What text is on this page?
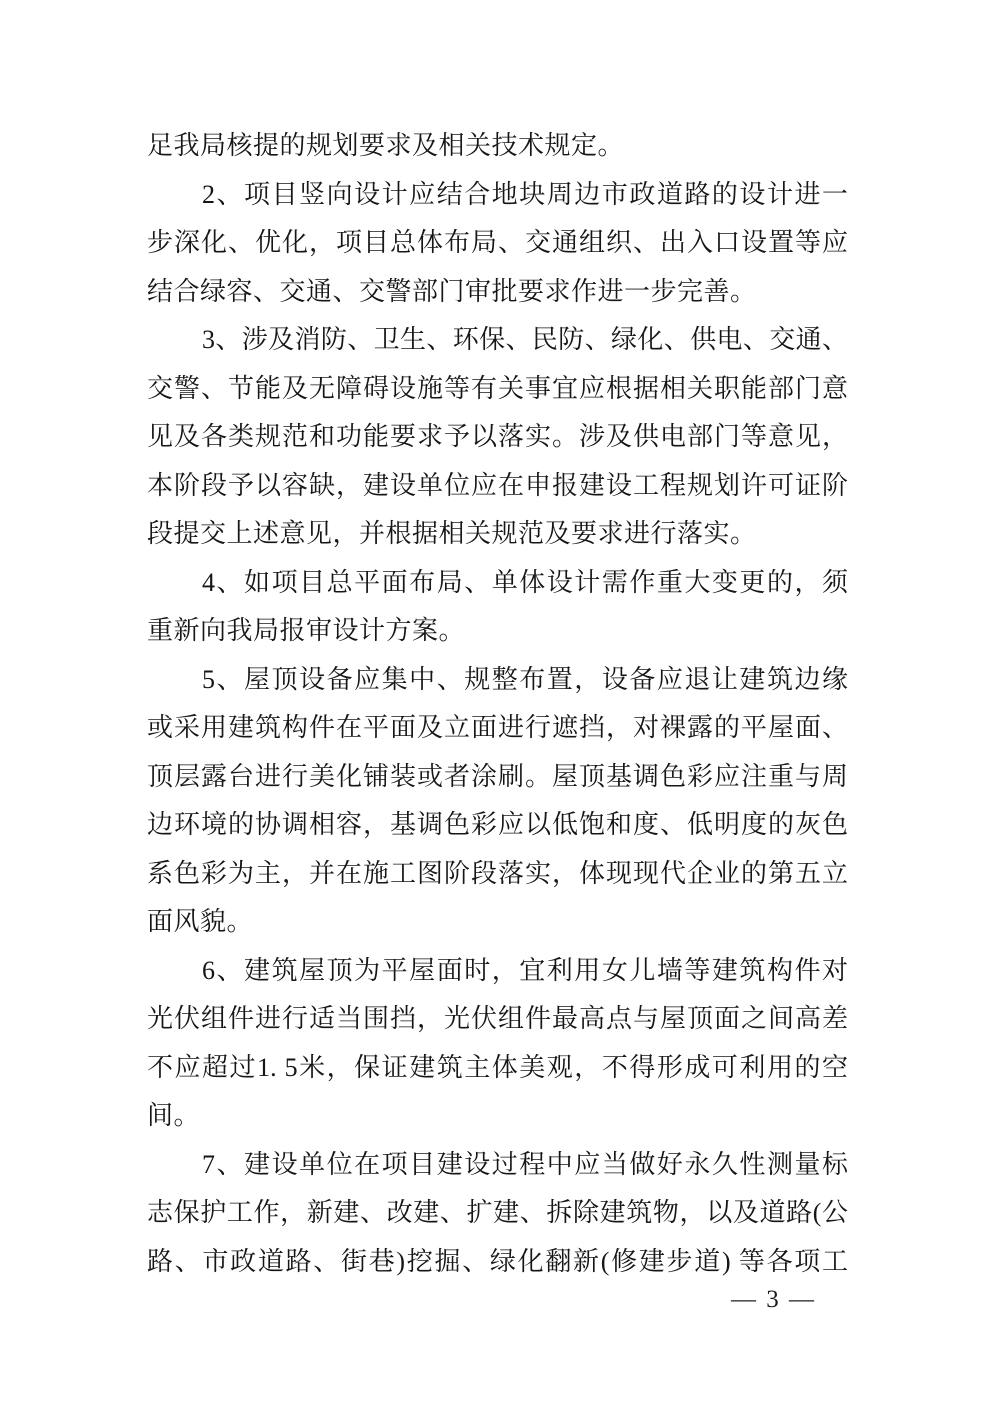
足我局核提的规划要求及相关技术规定。

2、项目竖向设计应结合地块周边市政道路的设计进一

步深化、优化，项目总体布局、交通组织、出入口设置等应

结合绿容、交通、交警部门审批要求作进一步完善。

3、涉及消防、卫生、环保、民防、绿化、供电、交通、

交警、节能及无障碍设施等有关事宜应根据相关职能部门意

见及各类规范和功能要求予以落实。涉及供电部门等意见，

本阶段予以容缺，建设单位应在申报建设工程规划许可证阶

段提交上述意见，并根据相关规范及要求进行落实。

4、如项目总平面布局、单体设计需作重大变更的，须

重新向我局报审设计方案。

5、屋顶设备应集中、规整布置，设备应退让建筑边缘

或采用建筑构件在平面及立面进行遮挡，对裸露的平屋面、

顶层露台进行美化铺装或者涂刷。屋顶基调色彩应注重与周

边环境的协调相容，基调色彩应以低饱和度、低明度的灰色

系色彩为主，并在施工图阶段落实，体现现代企业的第五立

面风貌。

6、建筑屋顶为平屋面时，宜利用女儿墙等建筑构件对

光伏组件进行适当围挡，光伏组件最高点与屋顶面之间高差

不应超过1. 5米，保证建筑主体美观，不得形成可利用的空

间。

7、建设单位在项目建设过程中应当做好永久性测量标

志保护工作，新建、改建、扩建、拆除建筑物，以及道路(公

路、市政道路、街巷)挖掘、绿化翻新(修建步道) 等各项工

— 3 —
